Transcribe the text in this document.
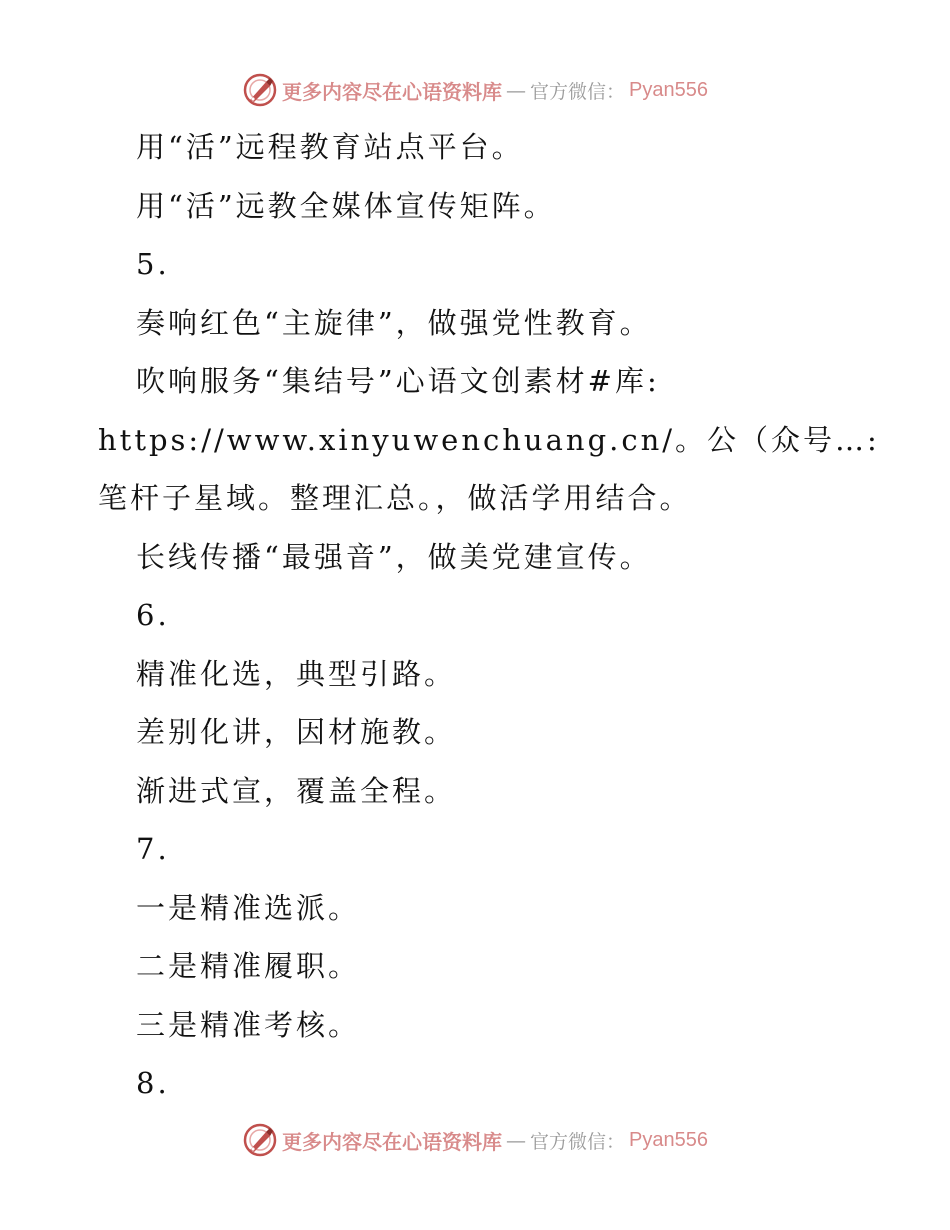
更多内容尽在心语资料库 — 官方微信： Pyan556
用“活”远程教育站点平台。
用“活”远教全媒体宣传矩阵。
5.
奏响红色“主旋律”，做强党性教育。
吹响服务“集结号”心语文创素材#库:
https://www.xinyuwenchuang.cn/。公（众号…:
笔杆子星域。整理汇总。，做活学用结合。
长线传播“最强音”，做美党建宣传。
6.
精准化选，典型引路。
差别化讲，因材施教。
渐进式宣，覆盖全程。
7.
一是精准选派。
二是精准履职。
三是精准考核。
8.
更多内容尽在心语资料库 — 官方微信： Pyan556
